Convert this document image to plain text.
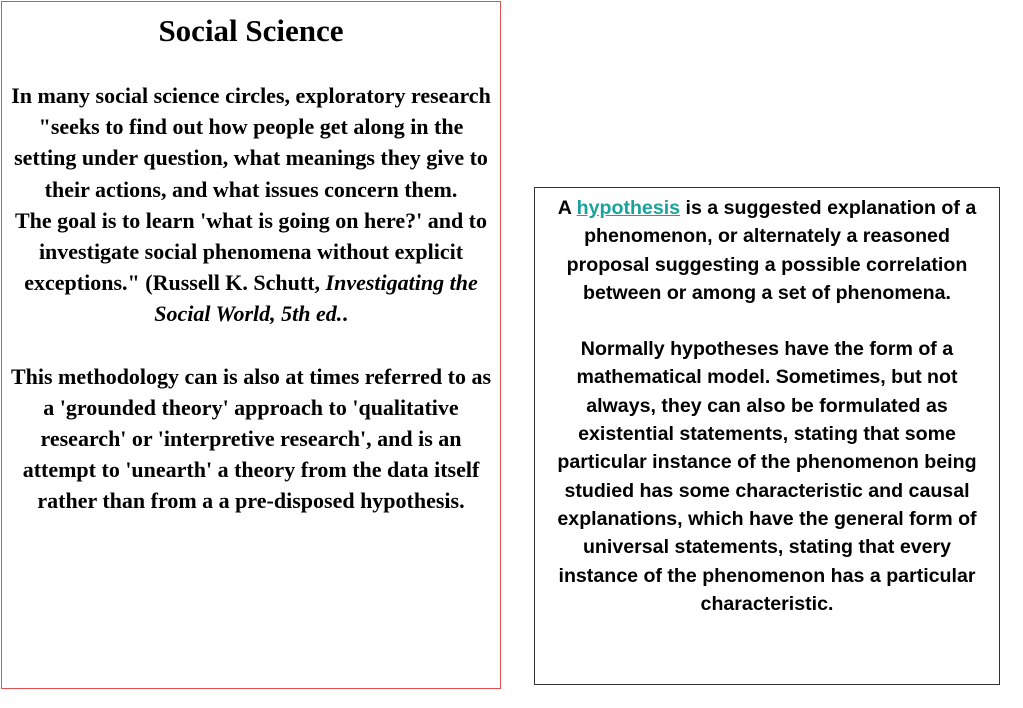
Social Science

In many social science circles, exploratory research "seeks to find out how people get along in the setting under question, what meanings they give to their actions, and what issues concern them.
The goal is to learn 'what is going on here?' and to investigate social phenomena without explicit exceptions." (Russell K. Schutt, Investigating the Social World, 5th ed..

This methodology can is also at times referred to as a 'grounded theory' approach to 'qualitative research' or 'interpretive research', and is an attempt to 'unearth' a theory from the data itself rather than from a a pre-disposed hypothesis.

A hypothesis is a suggested explanation of a phenomenon, or alternately a reasoned proposal suggesting a possible correlation between or among a set of phenomena.

Normally hypotheses have the form of a mathematical model. Sometimes, but not always, they can also be formulated as existential statements, stating that some particular instance of the phenomenon being studied has some characteristic and causal explanations, which have the general form of universal statements, stating that every instance of the phenomenon has a particular characteristic.
